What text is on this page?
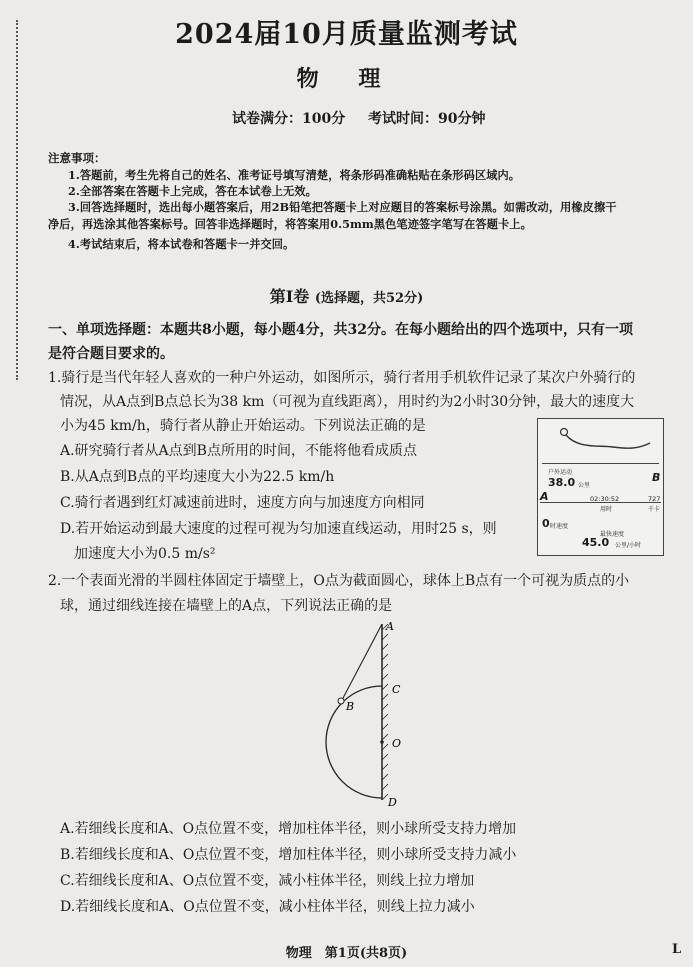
2024届10月质量监测考试
物 理
试卷满分：100分 考试时间：90分钟
注意事项：
1.答题前，考生先将自己的姓名、准考证号填写清楚，将条形码准确粘贴在条形码区域内。
2.全部答案在答题卡上完成，答在本试卷上无效。
3.回答选择题时，选出每小题答案后，用2B铅笔把答题卡上对应题目的答案标号涂黑。如需改动，用橡皮擦干
净后，再选涂其他答案标号。回答非选择题时，将答案用0.5mm黑色笔迹签字笔写在答题卡上。
4.考试结束后，将本试卷和答题卡一并交回。
第Ⅰ卷 (选择题，共52分)
一、单项选择题：本题共8小题，每小题4分，共32分。在每小题给出的四个选项中，只有一项
是符合题目要求的。
1.骑行是当代年轻人喜欢的一种户外运动，如图所示，骑行者用手机软件记录了某次户外骑行的
情况，从A点到B点总长为38 km（可视为直线距离），用时约为2小时30分钟，最大的速度大
小为45 km/h，骑行者从静止开始运动。下列说法正确的是
A.研究骑行者从A点到B点所用的时间，不能将他看成质点
B.从A点到B点的平均速度大小为22.5 km/h
C.骑行者遇到红灯减速前进时，速度方向与加速度方向相同
D.若开始运动到最大速度的过程可视为匀加速直线运动，用时25 s，则
加速度大小为0.5 m/s²
户外运动
38.0 公里
A
B
02:30:52
用时
727
千卡
0 时速度
最快速度
45.0 公里/小时
2.一个表面光滑的半圆柱体固定于墙壁上，O点为截面圆心，球体上B点有一个可视为质点的小
球，通过细线连接在墙壁上的A点，下列说法正确的是
A
B
C
O
D
A.若细线长度和A、O点位置不变，增加柱体半径，则小球所受支持力增加
B.若细线长度和A、O点位置不变，增加柱体半径，则小球所受支持力减小
C.若细线长度和A、O点位置不变，减小柱体半径，则线上拉力增加
D.若细线长度和A、O点位置不变，减小柱体半径，则线上拉力减小
物理　第1页(共8页)	L
